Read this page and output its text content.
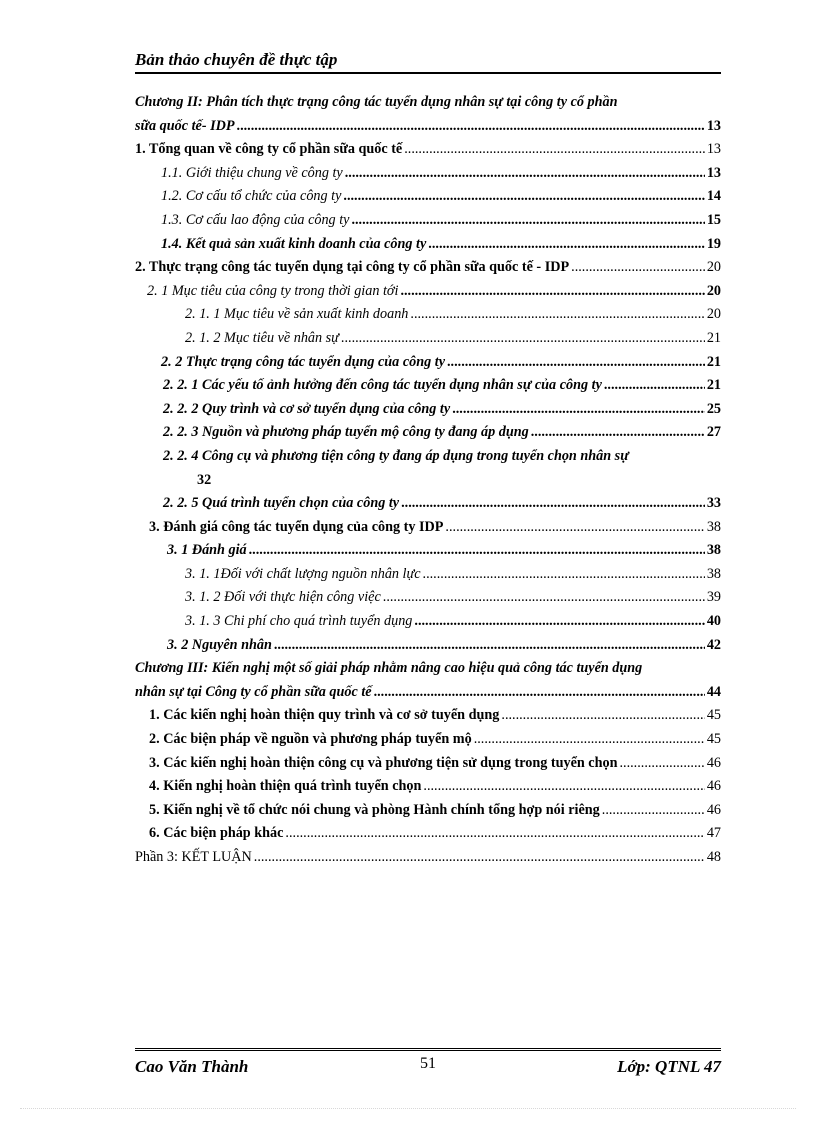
Bản thảo chuyên đề thực tập
Chương II: Phân tích thực trạng công tác tuyển dụng nhân sự tại công ty cổ phần
sữa quốc tế- IDP .....	13
1. Tổng quan về công ty cổ phần sữa quốc tế .....	13
1.1. Giới thiệu chung về công ty .....	13
1.2. Cơ cấu tổ chức của công ty .....	14
1.3. Cơ cấu lao động của công ty .....	15
1.4. Kết quả sản xuất kinh doanh của công ty .....	19
2. Thực trạng công tác tuyển dụng tại công ty cổ phần sữa quốc tế - IDP .....	20
2. 1 Mục tiêu của công ty trong thời gian tới .....	20
2. 1. 1 Mục tiêu về sản xuất kinh doanh .....	20
2. 1. 2 Mục tiêu về nhân sự .....	21
2. 2 Thực trạng công tác tuyển dụng của công ty .....	21
2. 2. 1 Các yếu tố ảnh hưởng đến công tác tuyển dụng nhân sự của công ty .....	21
2. 2. 2 Quy trình và cơ sở tuyển dụng của công ty .....	25
2. 2. 3 Nguồn và phương pháp tuyển mộ công ty đang áp dụng .....	27
2. 2. 4 Công cụ và phương tiện công ty đang áp dụng trong tuyển chọn nhân sự
32
2. 2. 5 Quá trình tuyển chọn của công ty .....	33
3. Đánh giá công tác tuyển dụng của công ty IDP .....	38
3. 1 Đánh giá .....	38
3. 1. 1Đối với chất lượng nguồn nhân lực .....	38
3. 1. 2 Đối với thực hiện công việc .....	39
3. 1. 3 Chi phí cho quá trình tuyển dụng .....	40
3. 2 Nguyên nhân .....	42
Chương III: Kiến nghị một số giải pháp nhằm nâng cao hiệu quả công tác tuyển dụng
nhân sự tại Công ty cổ phần sữa quốc tế .....	44
1. Các kiến nghị hoàn thiện quy trình và cơ sở tuyển dụng .....	45
2. Các biện pháp về nguồn và phương pháp tuyển mộ .....	45
3. Các kiến nghị hoàn thiện công cụ và phương tiện sử dụng trong tuyển chọn .....	46
4. Kiến nghị hoàn thiện quá trình tuyển chọn .....	46
5. Kiến nghị về tổ chức nói chung và phòng Hành chính tổng hợp nói riêng .....	46
6. Các biện pháp khác .....	47
Phần 3: KẾT LUẬN .....	48
Cao Văn Thành	51	Lớp: QTNL 47
